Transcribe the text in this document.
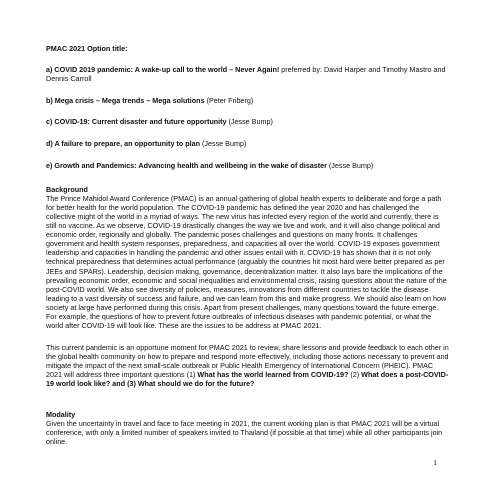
PMAC 2021 Option title:

a) COVID 2019 pandemic: A wake-up call to the world – Never Again! preferred by: David Harper and Timothy Mastro and Dennis Carroll

b) Mega crisis – Mega trends – Mega solutions (Peter Friberg)

c) COVID-19: Current disaster and future opportunity (Jesse Bump)

d) A failure to prepare, an opportunity to plan (Jesse Bump)

e) Growth and Pandemics: Advancing health and wellbeing in the wake of disaster (Jesse Bump)

Background

The Prince Mahidol Award Conference (PMAC) is an annual gathering of global health experts to deliberate and forge a path for better health for the world population. The COVID-19 pandemic has defined the year 2020 and has challenged the collective might of the world in a myriad of ways. The new virus has infected every region of the world and currently, there is still no vaccine. As we observe, COVID-19 drastically changes the way we live and work, and it will also change political and economic order, regionally and globally. The pandemic poses challenges and questions on many fronts. It challenges government and health system responses, preparedness, and capacities all over the world. COVID-19 exposes government leadership and capacities in handling the pandemic and other issues entail with it. COVID-19 has shown that it is not only technical preparedness that determines actual performance (arguably the countries hit most hard were better prepared as per JEEs and SPARs). Leadership, decision making, governance, decentralization matter. It also lays bare the implications of the prevailing economic order, economic and social inequalities and environmental crisis, raising questions about the nature of the post-COVID world. We also see diversity of policies, measures, innovations from different countries to tackle the disease leading to a vast diversity of success and failure, and we can learn from this and make progress. We should also learn on how society at large have performed during this crisis. Apart from present challenges, many questions toward the future emerge. For example, the questions of how to prevent future outbreaks of infectious diseases with pandemic potential, or what the world after COVID-19 will look like. These are the issues to be address at PMAC 2021.

This current pandemic is an opportune moment for PMAC 2021 to review, share lessons and provide feedback to each other in the global health community on how to prepare and respond more effectively, including those actions necessary to prevent and mitigate the impact of the next small-scale outbreak or Public Health Emergency of International Concern (PHEIC). PMAC 2021 will address three important questions (1) What has the world learned from COVID-19? (2) What does a post-COVID-19 world look like? and (3) What should we do for the future?

Modality

Given the uncertainty in travel and face to face meeting in 2021, the current working plan is that PMAC 2021 will be a virtual conference, with only a limited number of speakers invited to Thailand (if possible at that time) while all other participants join online.

1
